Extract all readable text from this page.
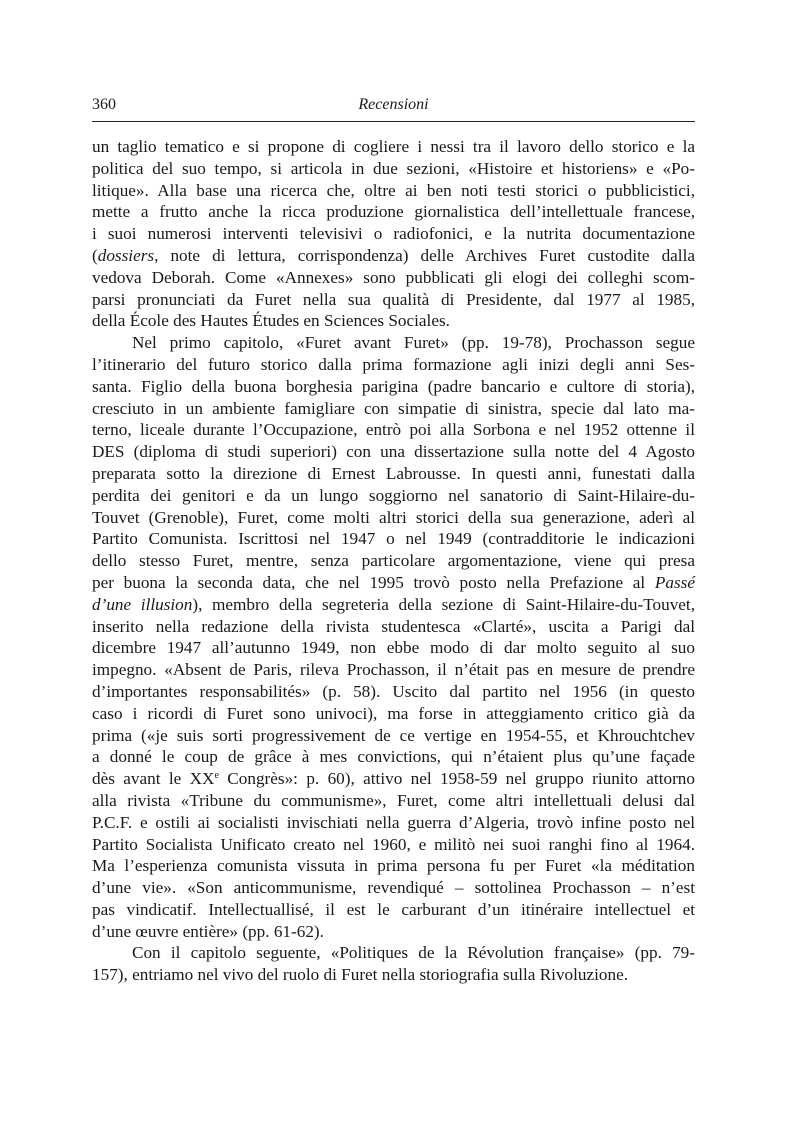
360	Recensioni
un taglio tematico e si propone di cogliere i nessi tra il lavoro dello storico e la
politica del suo tempo, si articola in due sezioni, «Histoire et historiens» e «Po-
litique». Alla base una ricerca che, oltre ai ben noti testi storici o pubblicistici,
mette a frutto anche la ricca produzione giornalistica dell’intellettuale francese,
i suoi numerosi interventi televisivi o radiofonici, e la nutrita documentazione
(dossiers, note di lettura, corrispondenza) delle Archives Furet custodite dalla
vedova Deborah. Come «Annexes» sono pubblicati gli elogi dei colleghi scom-
parsi pronunciati da Furet nella sua qualità di Presidente, dal 1977 al 1985,
della École des Hautes Études en Sciences Sociales.
Nel primo capitolo, «Furet avant Furet» (pp. 19-78), Prochasson segue
l’itinerario del futuro storico dalla prima formazione agli inizi degli anni Ses-
santa. Figlio della buona borghesia parigina (padre bancario e cultore di storia),
cresciuto in un ambiente famigliare con simpatie di sinistra, specie dal lato ma-
terno, liceale durante l’Occupazione, entrò poi alla Sorbona e nel 1952 ottenne il
DES (diploma di studi superiori) con una dissertazione sulla notte del 4 Agosto
preparata sotto la direzione di Ernest Labrousse. In questi anni, funestati dalla
perdita dei genitori e da un lungo soggiorno nel sanatorio di Saint-Hilaire-du-
Touvet (Grenoble), Furet, come molti altri storici della sua generazione, aderì al
Partito Comunista. Iscrittosi nel 1947 o nel 1949 (contradditorie le indicazioni
dello stesso Furet, mentre, senza particolare argomentazione, viene qui presa
per buona la seconda data, che nel 1995 trovò posto nella Prefazione al Passé
d’une illusion), membro della segreteria della sezione di Saint-Hilaire-du-Touvet,
inserito nella redazione della rivista studentesca «Clarté», uscita a Parigi dal
dicembre 1947 all’autunno 1949, non ebbe modo di dar molto seguito al suo
impegno. «Absent de Paris, rileva Prochasson, il n’était pas en mesure de prendre
d’importantes responsabilités» (p. 58). Uscito dal partito nel 1956 (in questo
caso i ricordi di Furet sono univoci), ma forse in atteggiamento critico già da
prima («je suis sorti progressivement de ce vertige en 1954-55, et Khrouchtchev
a donné le coup de grâce à mes convictions, qui n’étaient plus qu’une façade
dès avant le XXe Congrès»: p. 60), attivo nel 1958-59 nel gruppo riunito attorno
alla rivista «Tribune du communisme», Furet, come altri intellettuali delusi dal
P.C.F. e ostili ai socialisti invischiati nella guerra d’Algeria, trovò infine posto nel
Partito Socialista Unificato creato nel 1960, e militò nei suoi ranghi fino al 1964.
Ma l’esperienza comunista vissuta in prima persona fu per Furet «la méditation
d’une vie». «Son anticommunisme, revendiqué – sottolinea Prochasson – n’est
pas vindicatif. Intellectuallisé, il est le carburant d’un itinéraire intellectuel et
d’une œuvre entière» (pp. 61-62).
Con il capitolo seguente, «Politiques de la Révolution française» (pp. 79-
157), entriamo nel vivo del ruolo di Furet nella storiografia sulla Rivoluzione.
